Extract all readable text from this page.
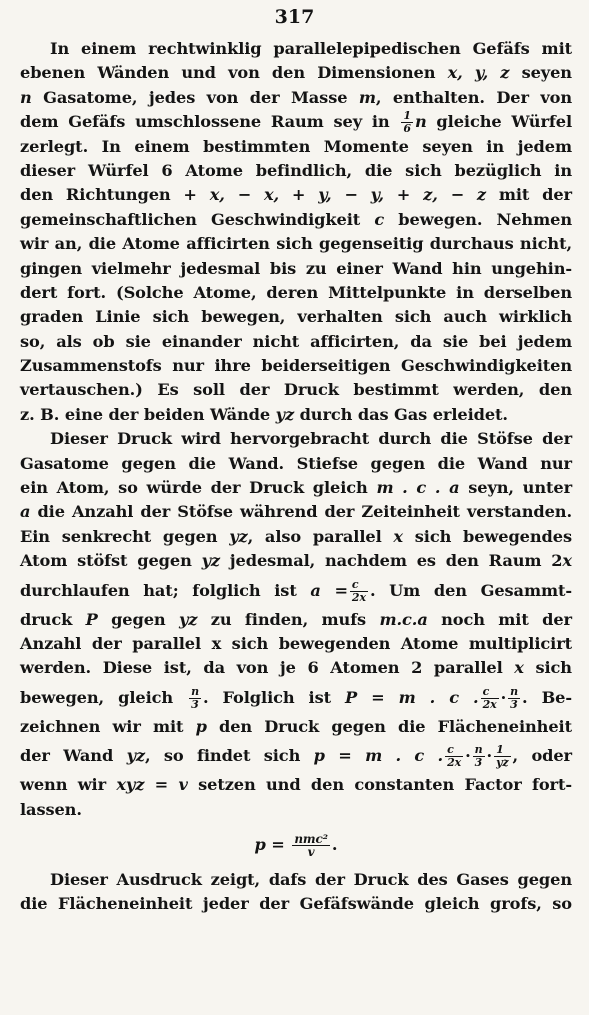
317
In einem rechtwinklig parallelepipedischen Gefäfs mit
ebenen Wänden und von den Dimensionen x, y, z seyen
n Gasatome, jedes von der Masse m, enthalten. Der von
dem Gefäfs umschlossene Raum sey in $\frac{1}{6}$ n gleiche Würfel
zerlegt. In einem bestimmten Momente seyen in jedem
dieser Würfel 6 Atome befindlich, die sich bezüglich in
den Richtungen + x, − x, + y, − y, + z, − z mit der
gemeinschaftlichen Geschwindigkeit c bewegen. Nehmen
wir an, die Atome afficirten sich gegenseitig durchaus nicht,
gingen vielmehr jedesmal bis zu einer Wand hin ungehin-
dert fort. (Solche Atome, deren Mittelpunkte in derselben
graden Linie sich bewegen, verhalten sich auch wirklich
so, als ob sie einander nicht afficirten, da sie bei jedem
Zusammenstofs nur ihre beiderseitigen Geschwindigkeiten
vertauschen.) Es soll der Druck bestimmt werden, den
z. B. eine der beiden Wände yz durch das Gas erleidet.
Dieser Druck wird hervorgebracht durch die Stöfse der
Gasatome gegen die Wand. Stiefse gegen die Wand nur
ein Atom, so würde der Druck gleich m . c . a seyn, unter
a die Anzahl der Stöfse während der Zeiteinheit verstanden.
Ein senkrecht gegen yz, also parallel x sich bewegendes
Atom stöfst gegen yz jedesmal, nachdem es den Raum 2x
durchlaufen hat; folglich ist $a = \frac{c}{2x}$ . Um den Gesammt-
druck P gegen yz zu finden, mufs m.c.a noch mit der
Anzahl der parallel x sich bewegenden Atome multiplicirt
werden. Diese ist, da von je 6 Atomen 2 parallel x sich
bewegen, gleich $\frac{n}{3}$ . Folglich ist P = m . c . $\frac{c}{2x} \cdot \frac{n}{3}$ . Be-
zeichnen wir mit p den Druck gegen die Flächeneinheit
der Wand yz, so findet sich p = m . c . $\frac{c}{2x} \cdot \frac{n}{3} \cdot \frac{1}{yz}$ , oder
wenn wir xyz = v setzen und den constanten Factor fort-
lassen.
$p = \frac{\text{nmc²}}{v}$ .
Dieser Ausdruck zeigt, dafs der Druck des Gases gegen
die Flächeneinheit jeder der Gefäfswände gleich grofs, so
